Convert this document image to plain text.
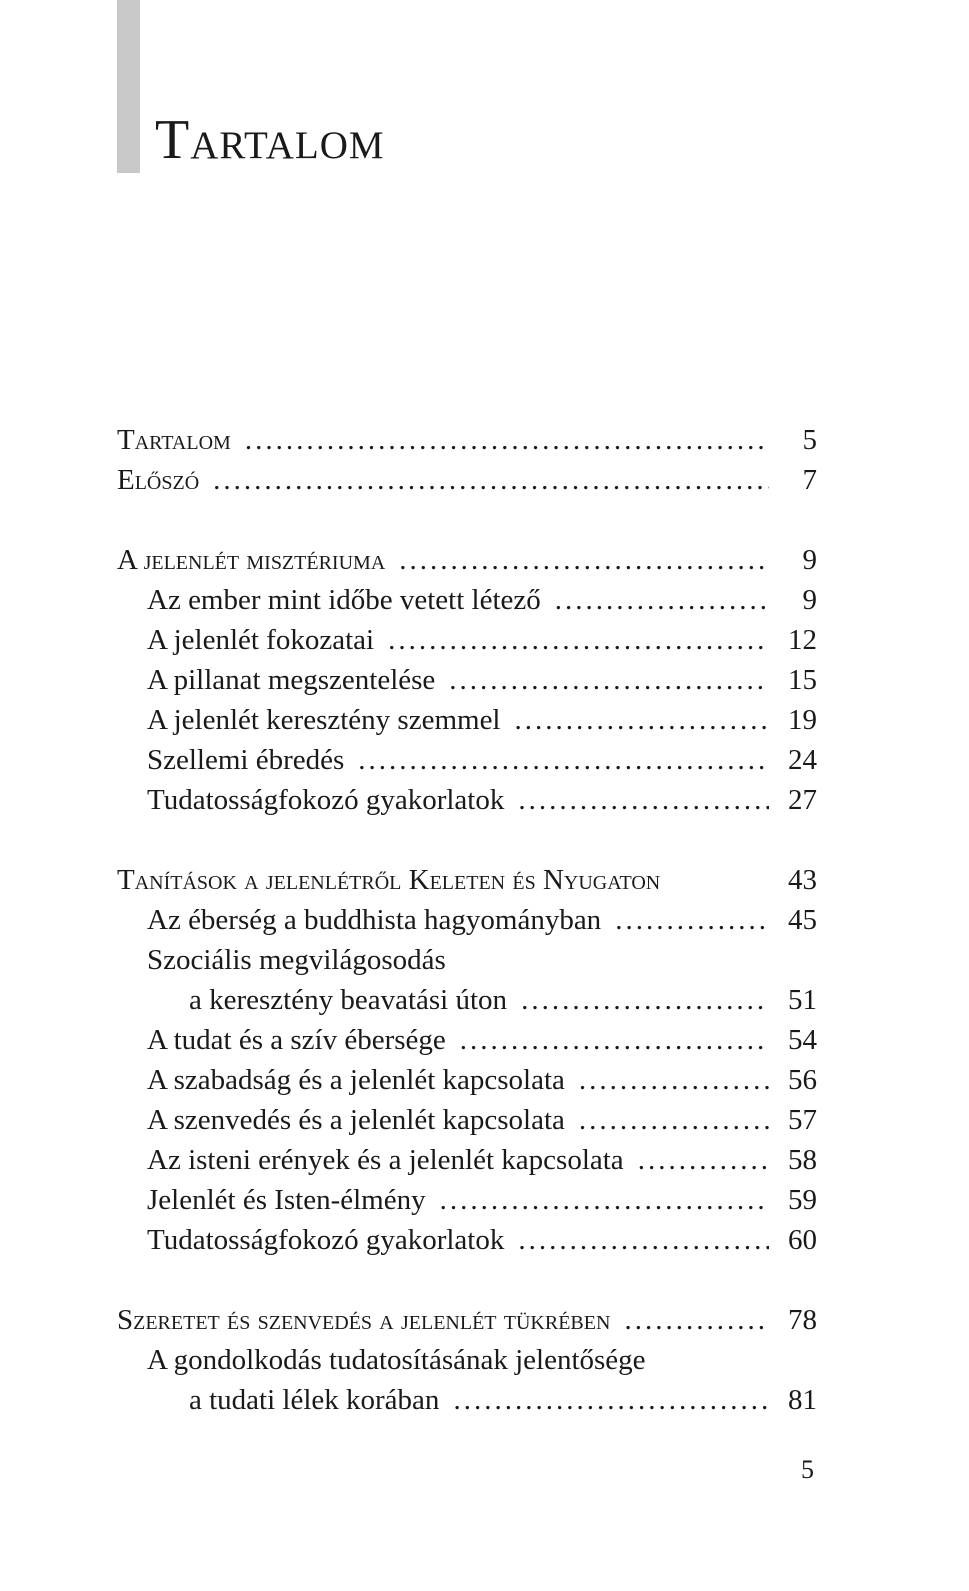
Tartalom
Tartalom .....	5
Előszó .....	7
A jelenlét misztériuma .....	9
Az ember mint időbe vetett létező .....	9
A jelenlét fokozatai .....	12
A pillanat megszentelése .....	15
A jelenlét keresztény szemmel .....	19
Szellemi ébredés .....	24
Tudatosságfokozó gyakorlatok .....	27
Tanítások a jelenlétről Keleten és Nyugaton	43
Az éberség a buddhista hagyományban .....	45
Szociális megvilágosodás
a keresztény beavatási úton .....	51
A tudat és a szív ébersége .....	54
A szabadság és a jelenlét kapcsolata .....	56
A szenvedés és a jelenlét kapcsolata .....	57
Az isteni erények és a jelenlét kapcsolata .....	58
Jelenlét és Isten-élmény .....	59
Tudatosságfokozó gyakorlatok .....	60
Szeretet és szenvedés a jelenlét tükrében .....	78
A gondolkodás tudatosításának jelentősége
a tudati lélek korában .....	81
5
